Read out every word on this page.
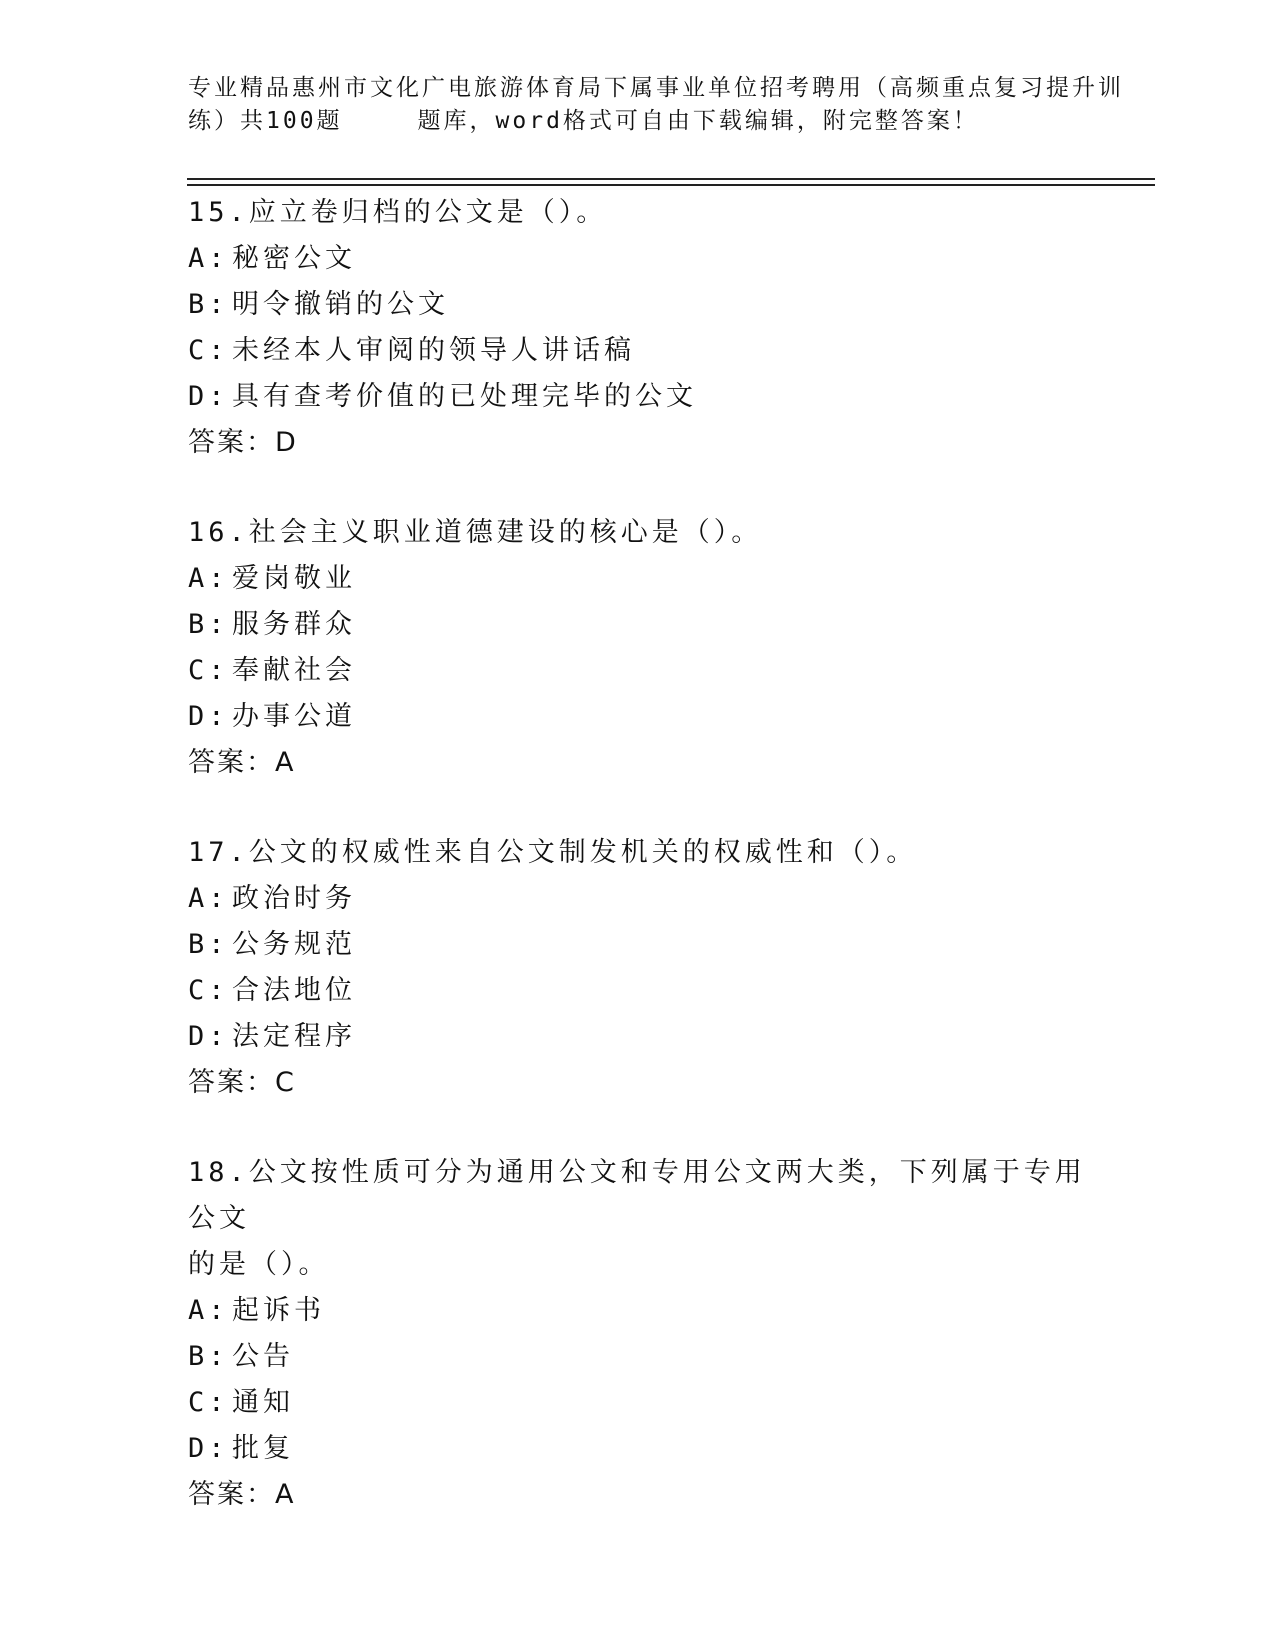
专业精品惠州市文化广电旅游体育局下属事业单位招考聘用（高频重点复习提升训
练）共100题	题库，word格式可自由下载编辑，附完整答案！
15.应立卷归档的公文是（）。
A: 秘密公文
B: 明令撤销的公文
C: 未经本人审阅的领导人讲话稿
D: 具有查考价值的已处理完毕的公文
答案：D
16.社会主义职业道德建设的核心是（）。
A: 爱岗敬业
B: 服务群众
C: 奉献社会
D: 办事公道
答案：A
17.公文的权威性来自公文制发机关的权威性和（）。
A: 政治时务
B: 公务规范
C: 合法地位
D: 法定程序
答案：C
18.公文按性质可分为通用公文和专用公文两大类，下列属于专用公文
的是（）。
A: 起诉书
B: 公告
C: 通知
D: 批复
答案：A
